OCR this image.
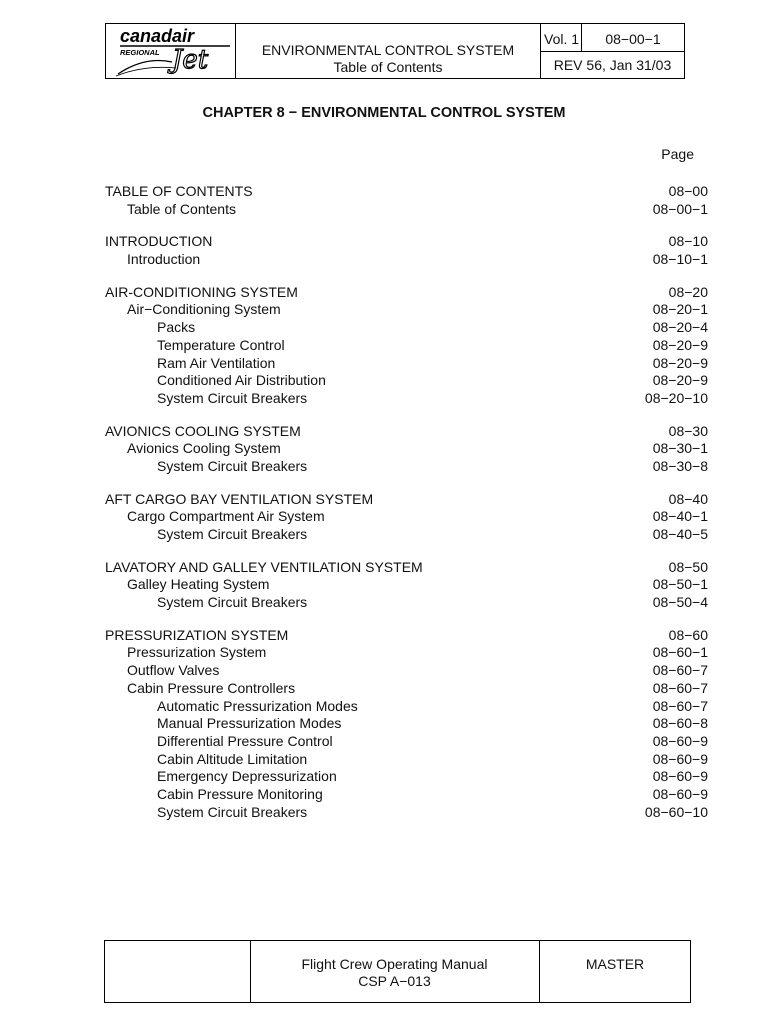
canadair
REGIONAL Jet	ENVIRONMENTAL CONTROL SYSTEM
Table of Contents
Vol. 1	08−00−1
REV 56, Jan 31/03
CHAPTER 8 − ENVIRONMENTAL CONTROL SYSTEM
Page
TABLE OF CONTENTS	08−00
Table of Contents	08−00−1
INTRODUCTION	08−10
Introduction	08−10−1
AIR-CONDITIONING SYSTEM	08−20
Air−Conditioning System	08−20−1
Packs	08−20−4
Temperature Control	08−20−9
Ram Air Ventilation	08−20−9
Conditioned Air Distribution	08−20−9
System Circuit Breakers	08−20−10
AVIONICS COOLING SYSTEM	08−30
Avionics Cooling System	08−30−1
System Circuit Breakers	08−30−8
AFT CARGO BAY VENTILATION SYSTEM	08−40
Cargo Compartment Air System	08−40−1
System Circuit Breakers	08−40−5
LAVATORY AND GALLEY VENTILATION SYSTEM	08−50
Galley Heating System	08−50−1
System Circuit Breakers	08−50−4
PRESSURIZATION SYSTEM	08−60
Pressurization System	08−60−1
Outflow Valves	08−60−7
Cabin Pressure Controllers	08−60−7
Automatic Pressurization Modes	08−60−7
Manual Pressurization Modes	08−60−8
Differential Pressure Control	08−60−9
Cabin Altitude Limitation	08−60−9
Emergency Depressurization	08−60−9
Cabin Pressure Monitoring	08−60−9
System Circuit Breakers	08−60−10
Flight Crew Operating Manual
CSP A−013
MASTER
